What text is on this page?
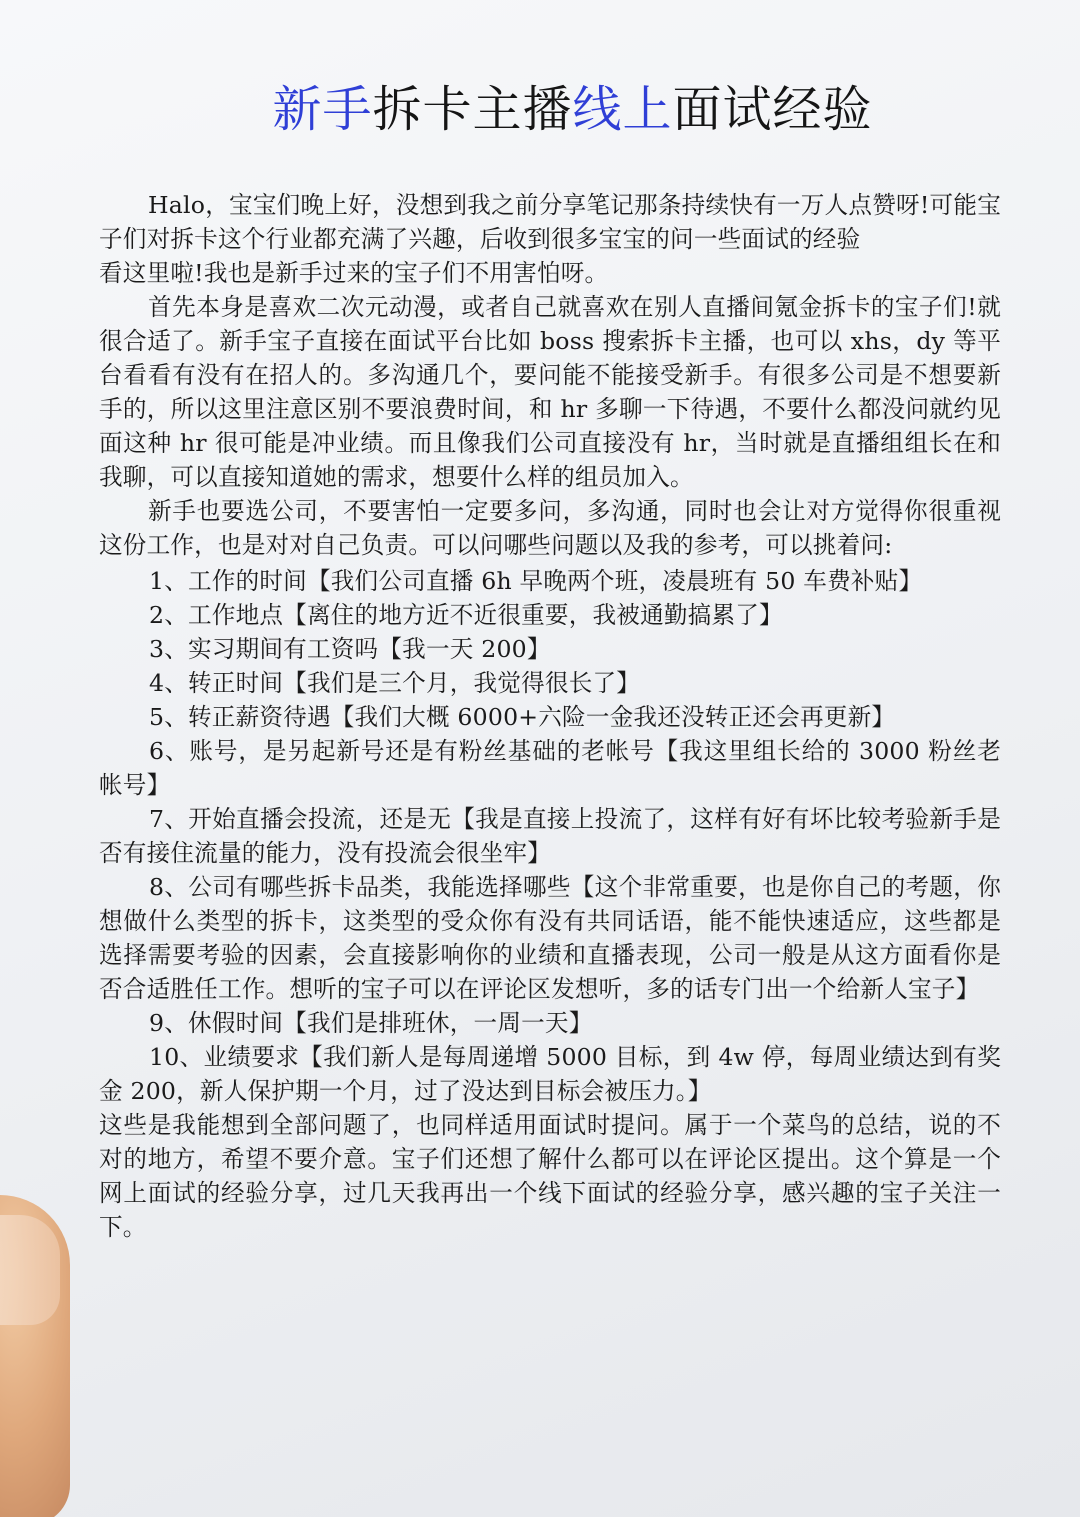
新手拆卡主播线上面试经验

Halo，宝宝们晚上好，没想到我之前分享笔记那条持续快有一万人点赞呀!可能宝子们对拆卡这个行业都充满了兴趣，后收到很多宝宝的问一些面试的经验

看这里啦!我也是新手过来的宝子们不用害怕呀。

首先本身是喜欢二次元动漫，或者自己就喜欢在别人直播间氪金拆卡的宝子们!就很合适了。新手宝子直接在面试平台比如 boss 搜索拆卡主播，也可以 xhs，dy 等平台看看有没有在招人的。多沟通几个，要问能不能接受新手。有很多公司是不想要新手的，所以这里注意区别不要浪费时间，和 hr 多聊一下待遇，不要什么都没问就约见面这种 hr 很可能是冲业绩。而且像我们公司直接没有 hr，当时就是直播组组长在和我聊，可以直接知道她的需求，想要什么样的组员加入。

新手也要选公司，不要害怕一定要多问，多沟通，同时也会让对方觉得你很重视这份工作，也是对对自己负责。可以问哪些问题以及我的参考，可以挑着问:

1、工作的时间【我们公司直播 6h 早晚两个班，凌晨班有 50 车费补贴】

2、工作地点【离住的地方近不近很重要，我被通勤搞累了】

3、实习期间有工资吗【我一天 200】

4、转正时间【我们是三个月，我觉得很长了】

5、转正薪资待遇【我们大概 6000+六险一金我还没转正还会再更新】

6、账号，是另起新号还是有粉丝基础的老帐号【我这里组长给的 3000 粉丝老帐号】

7、开始直播会投流，还是无【我是直接上投流了，这样有好有坏比较考验新手是否有接住流量的能力，没有投流会很坐牢】

8、公司有哪些拆卡品类，我能选择哪些【这个非常重要，也是你自己的考题，你想做什么类型的拆卡，这类型的受众你有没有共同话语，能不能快速适应，这些都是选择需要考验的因素，会直接影响你的业绩和直播表现，公司一般是从这方面看你是否合适胜任工作。想听的宝子可以在评论区发想听，多的话专门出一个给新人宝子】

9、休假时间【我们是排班休，一周一天】

10、业绩要求【我们新人是每周递增 5000 目标，到 4w 停，每周业绩达到有奖金 200，新人保护期一个月，过了没达到目标会被压力。】

这些是我能想到全部问题了，也同样适用面试时提问。属于一个菜鸟的总结，说的不对的地方，希望不要介意。宝子们还想了解什么都可以在评论区提出。这个算是一个网上面试的经验分享，过几天我再出一个线下面试的经验分享，感兴趣的宝子关注一下。
